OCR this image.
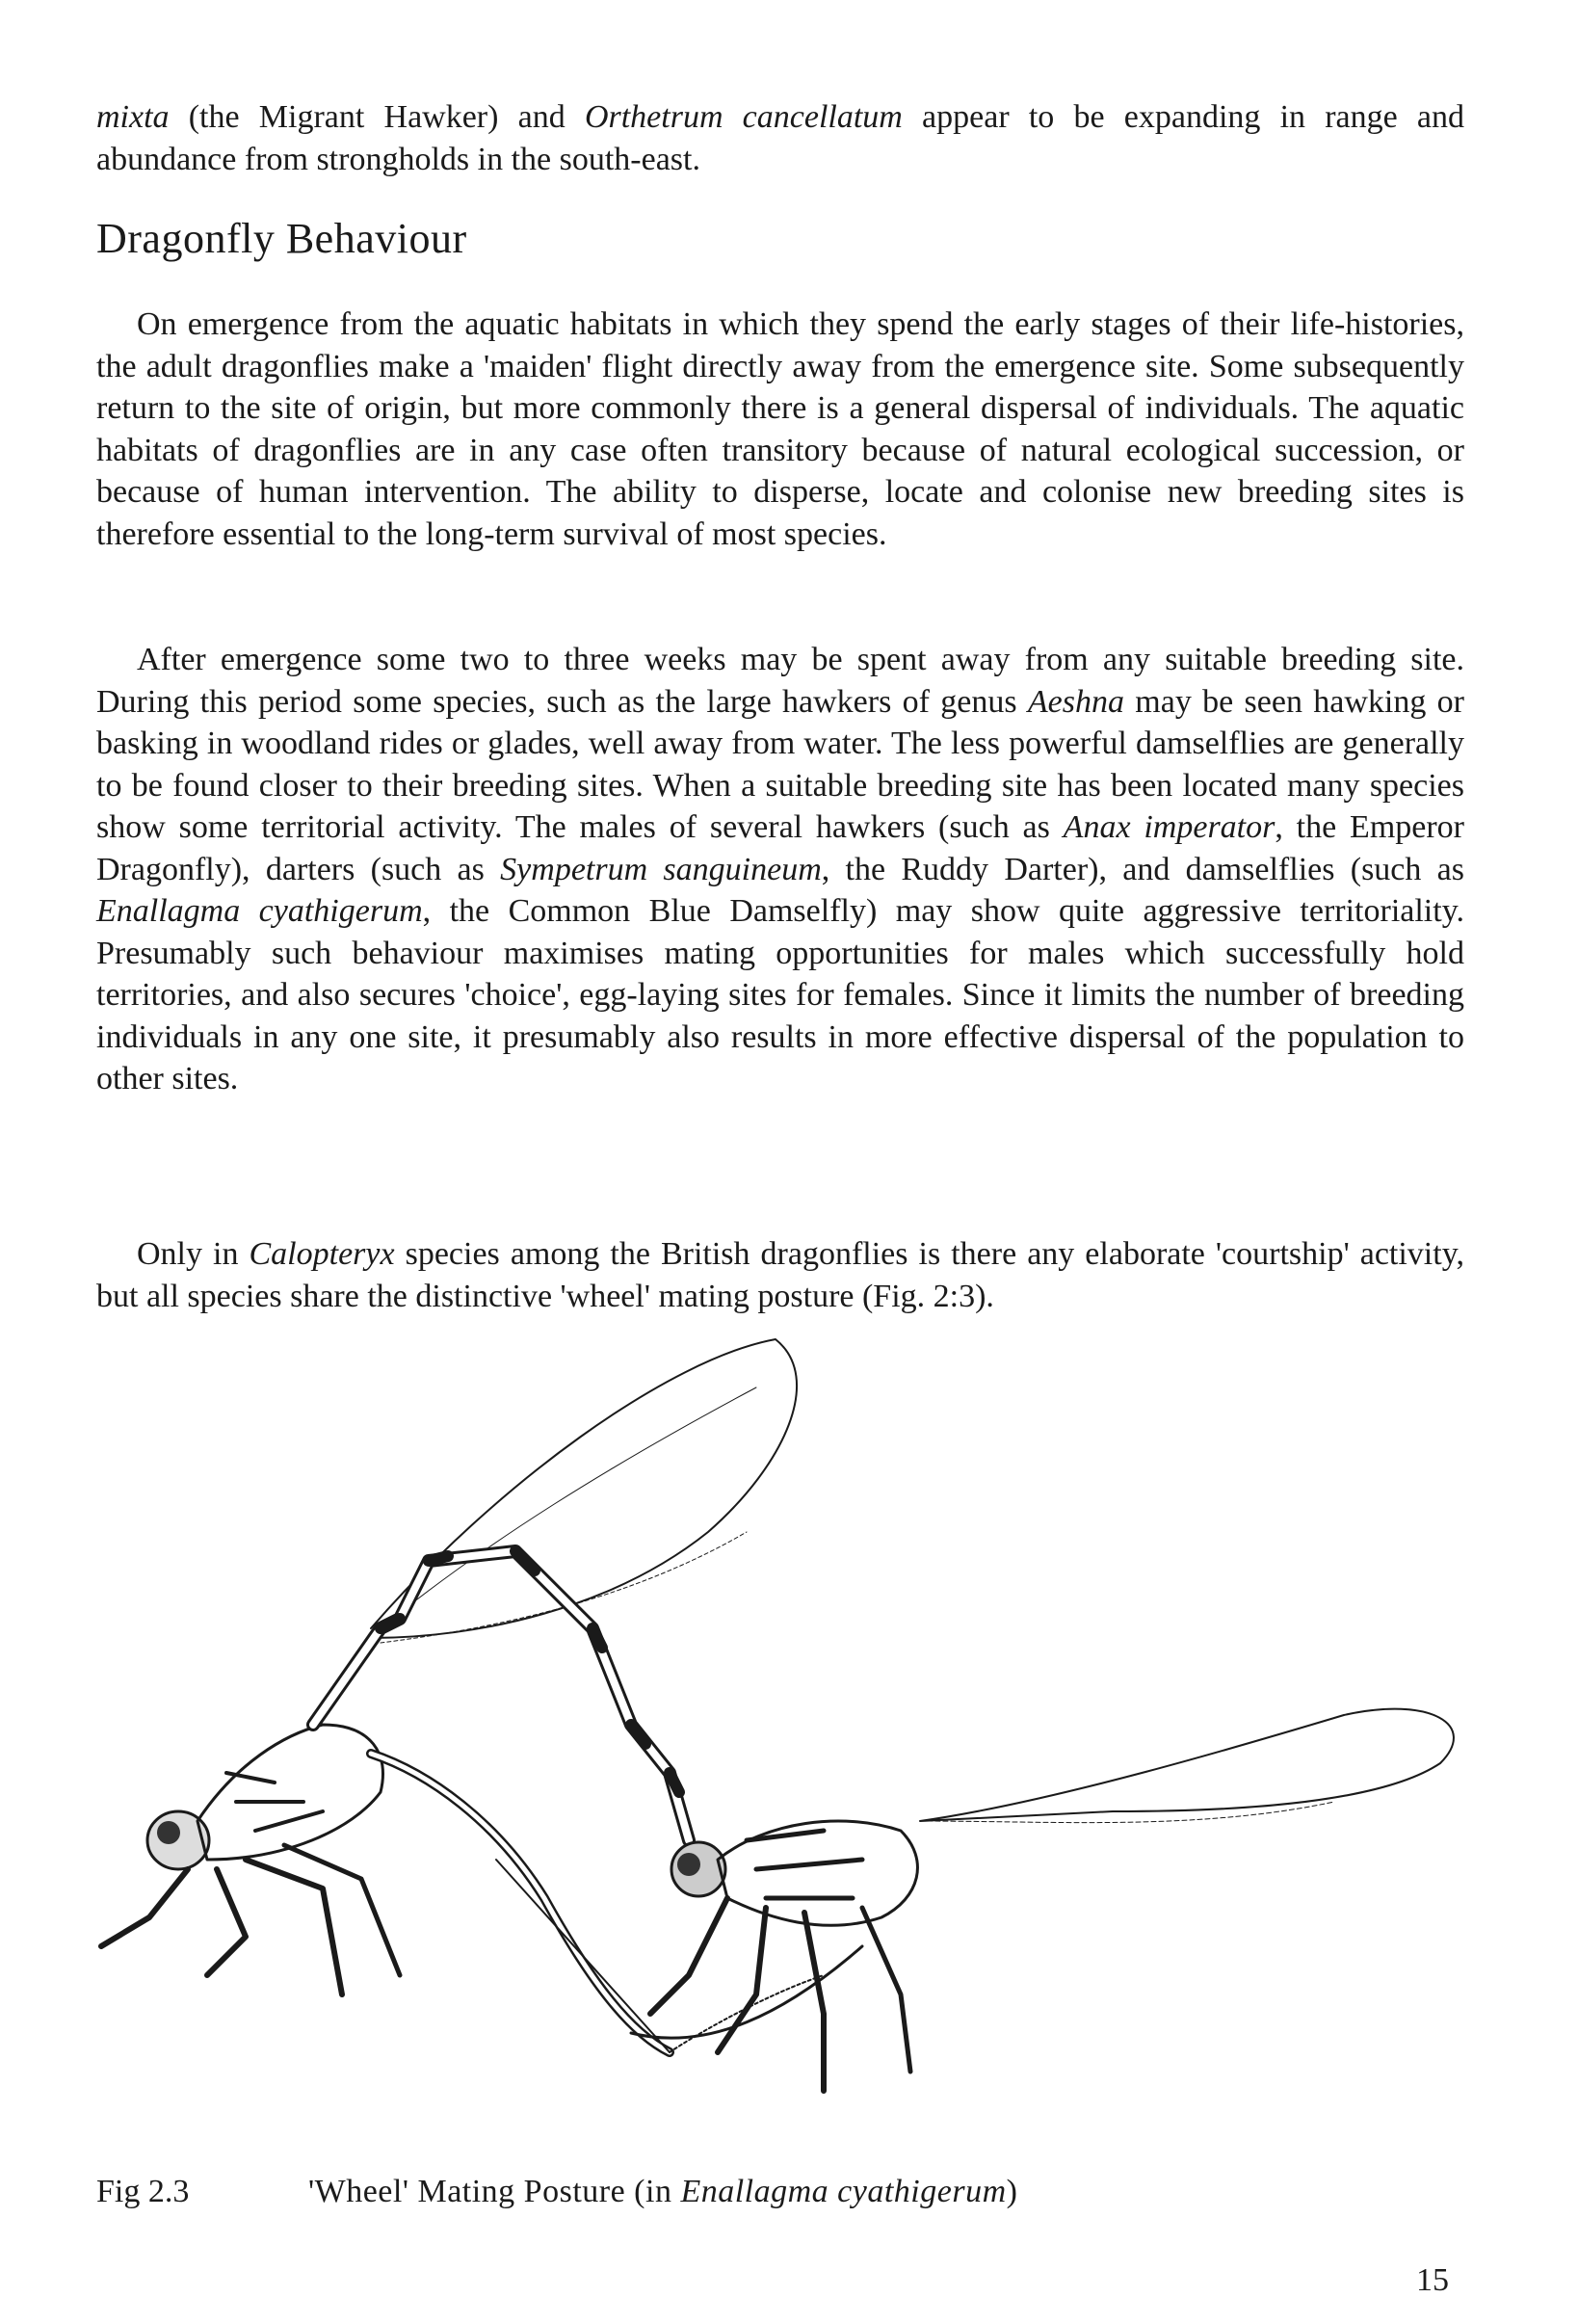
mixta (the Migrant Hawker) and Orthetrum cancellatum appear to be expanding in range and abundance from strongholds in the south-east.

Dragonfly Behaviour

On emergence from the aquatic habitats in which they spend the early stages of their life-histories, the adult dragonflies make a 'maiden' flight directly away from the emergence site. Some subsequently return to the site of origin, but more commonly there is a general dispersal of individuals. The aquatic habitats of dragonflies are in any case often transitory because of natural ecological succession, or because of human intervention. The ability to disperse, locate and colonise new breeding sites is therefore essential to the long-term survival of most species.

After emergence some two to three weeks may be spent away from any suitable breeding site. During this period some species, such as the large hawkers of genus Aeshna may be seen hawking or basking in woodland rides or glades, well away from water. The less powerful damselflies are generally to be found closer to their breeding sites. When a suitable breeding site has been located many species show some territorial activity. The males of several hawkers (such as Anax imperator, the Emperor Dragonfly), darters (such as Sympetrum sanguineum, the Ruddy Darter), and damselflies (such as Enallagma cyathigerum, the Common Blue Damselfly) may show quite aggressive territoriality. Presumably such behaviour maximises mating opportunities for males which successfully hold territories, and also secures 'choice', egg-laying sites for females. Since it limits the number of breeding individuals in any one site, it presumably also results in more effective dispersal of the population to other sites.

Only in Calopteryx species among the British dragonflies is there any elaborate 'courtship' activity, but all species share the distinctive 'wheel' mating posture (Fig. 2:3).

Fig 2.3	'Wheel' Mating Posture (in Enallagma cyathigerum)
15
